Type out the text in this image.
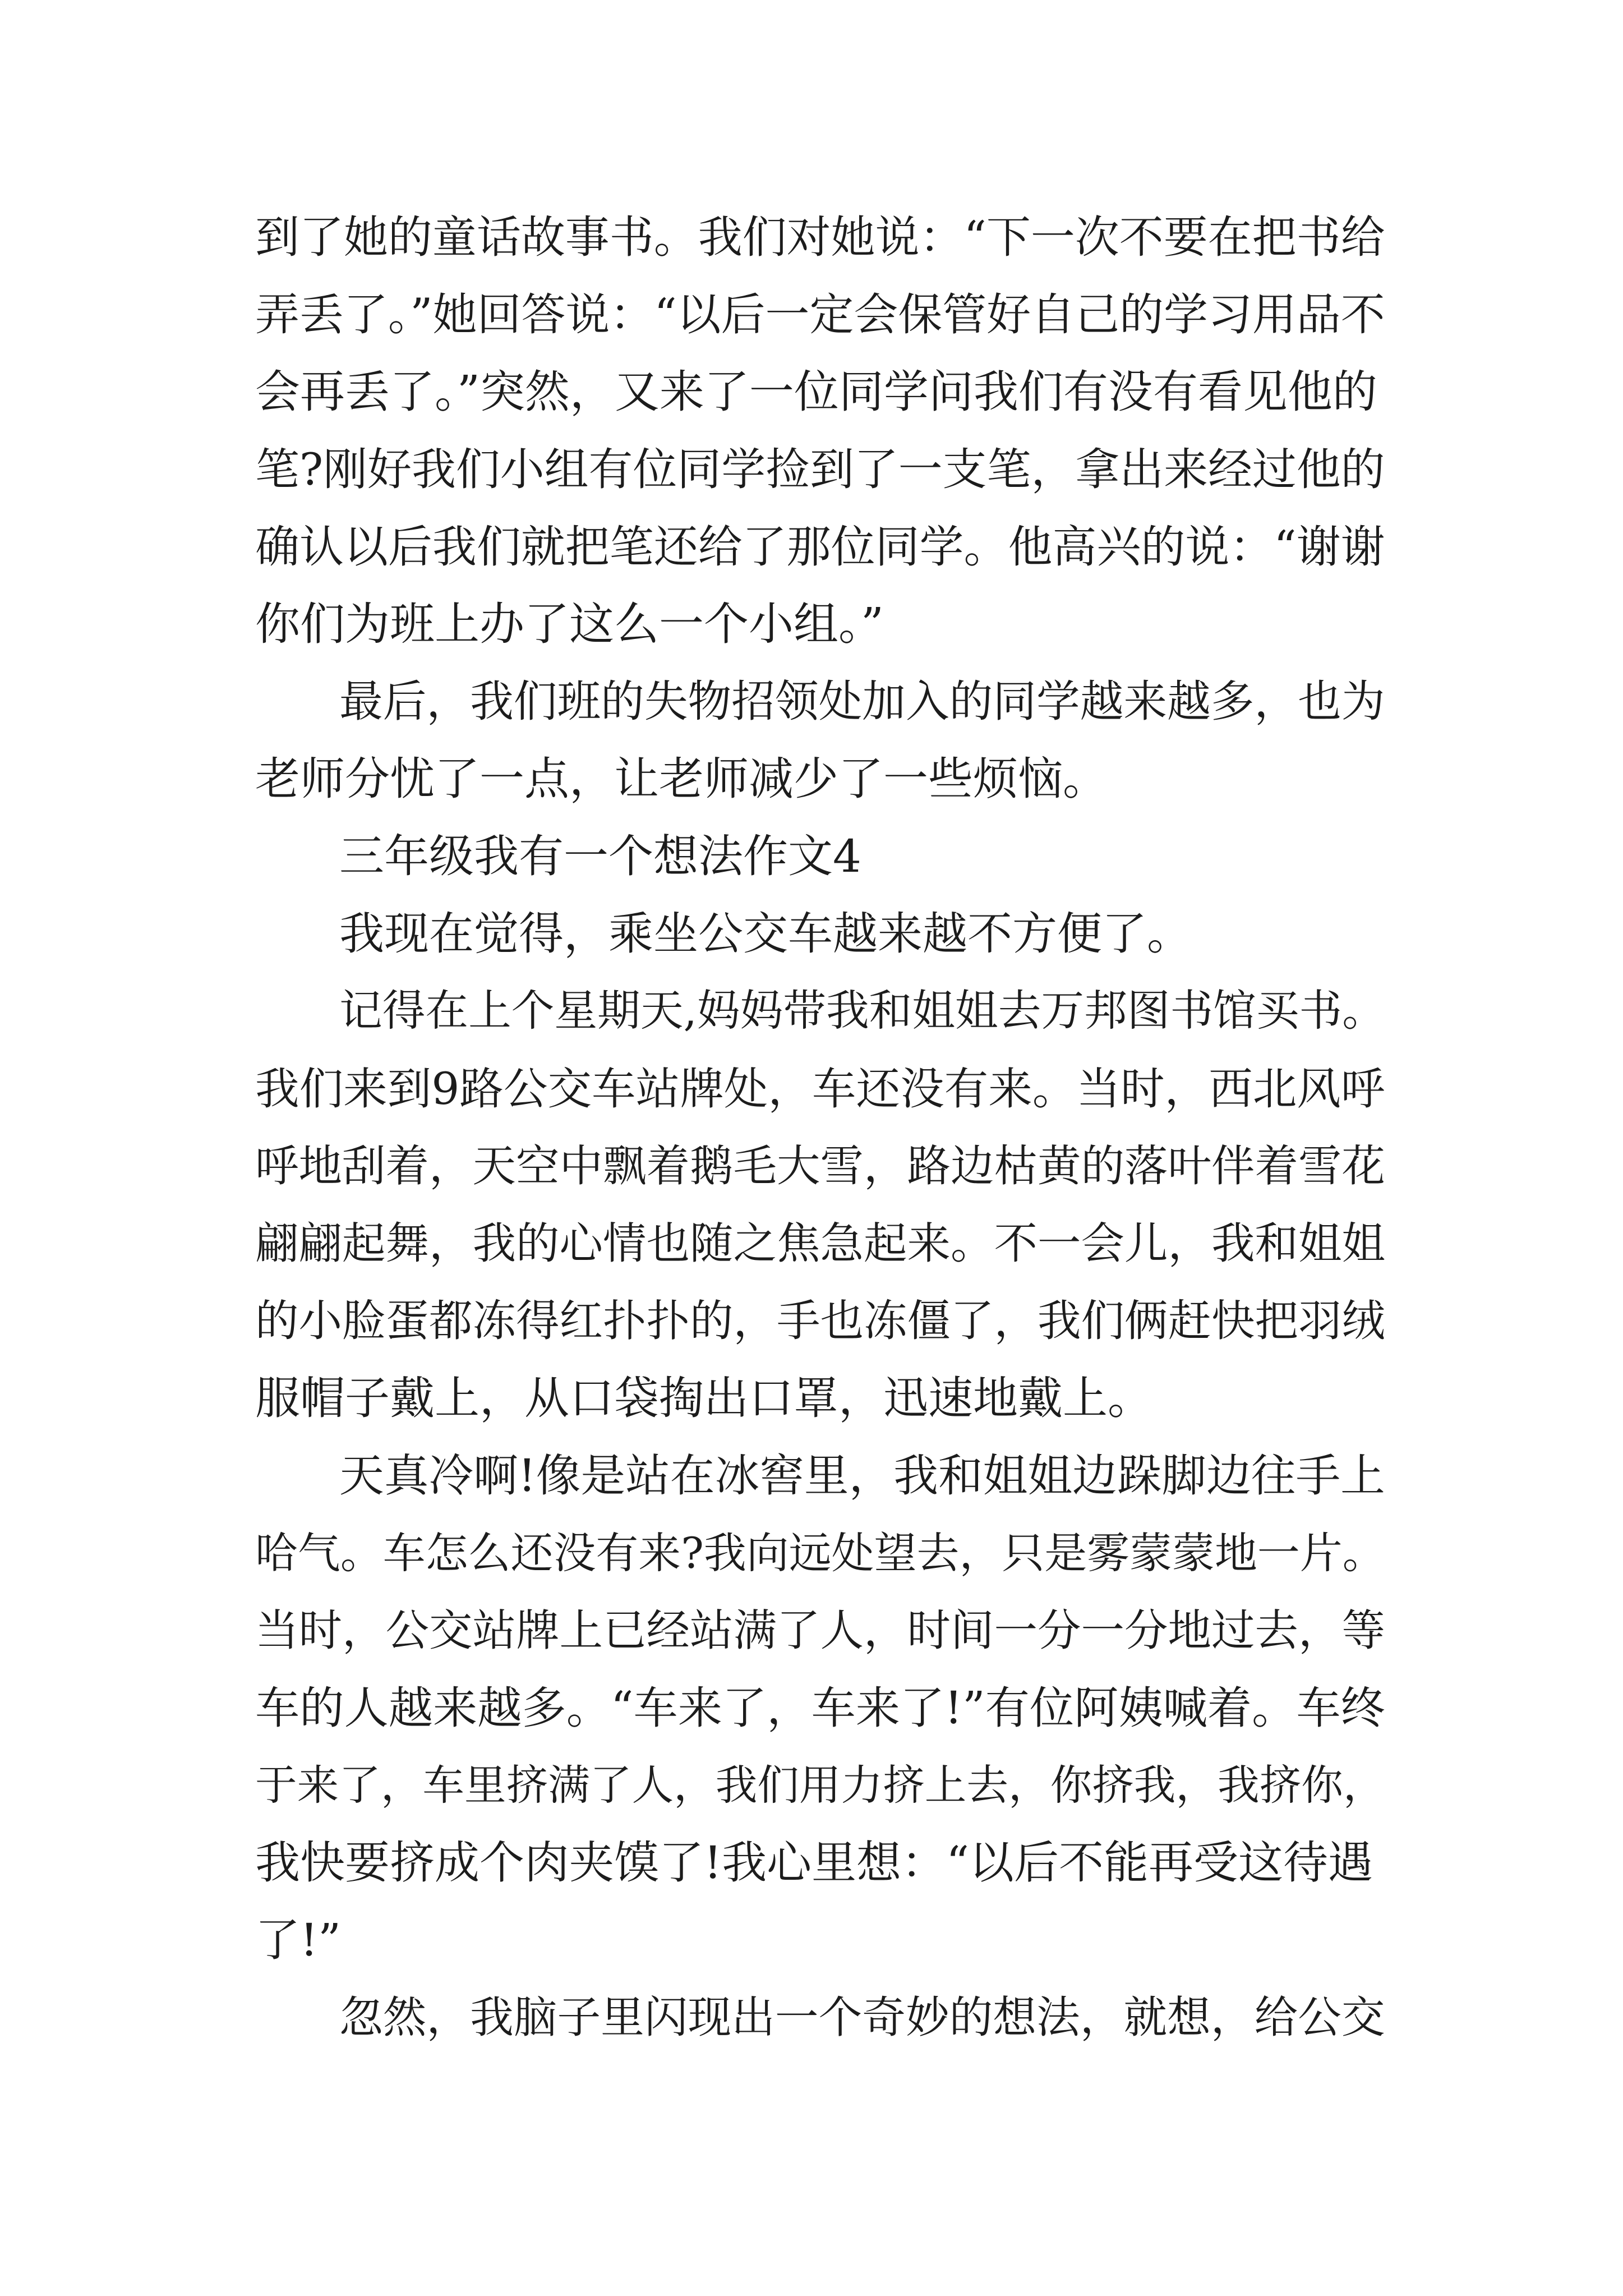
到了她的童话故事书。我们对她说：“下一次不要在把书给

弄丢了。”她回答说：“以后一定会保管好自己的学习用品不

会再丢了。”突然，又来了一位同学问我们有没有看见他的

笔?刚好我们小组有位同学捡到了一支笔，拿出来经过他的

确认以后我们就把笔还给了那位同学。他高兴的说：“谢谢

你们为班上办了这么一个小组。”

最后，我们班的失物招领处加入的同学越来越多，也为

老师分忧了一点，让老师减少了一些烦恼。

三年级我有一个想法作文4

我现在觉得，乘坐公交车越来越不方便了。

记得在上个星期天,妈妈带我和姐姐去万邦图书馆买书。

我们来到9路公交车站牌处，车还没有来。当时，西北风呼

呼地刮着，天空中飘着鹅毛大雪，路边枯黄的落叶伴着雪花

翩翩起舞，我的心情也随之焦急起来。不一会儿，我和姐姐

的小脸蛋都冻得红扑扑的，手也冻僵了，我们俩赶快把羽绒

服帽子戴上，从口袋掏出口罩，迅速地戴上。

天真冷啊!像是站在冰窖里，我和姐姐边跺脚边往手上

哈气。车怎么还没有来?我向远处望去，只是雾蒙蒙地一片。

当时，公交站牌上已经站满了人，时间一分一分地过去，等

车的人越来越多。“车来了，车来了!”有位阿姨喊着。车终

于来了，车里挤满了人，我们用力挤上去，你挤我，我挤你，

我快要挤成个肉夹馍了!我心里想：“以后不能再受这待遇

了!”

忽然，我脑子里闪现出一个奇妙的想法，就想，给公交
